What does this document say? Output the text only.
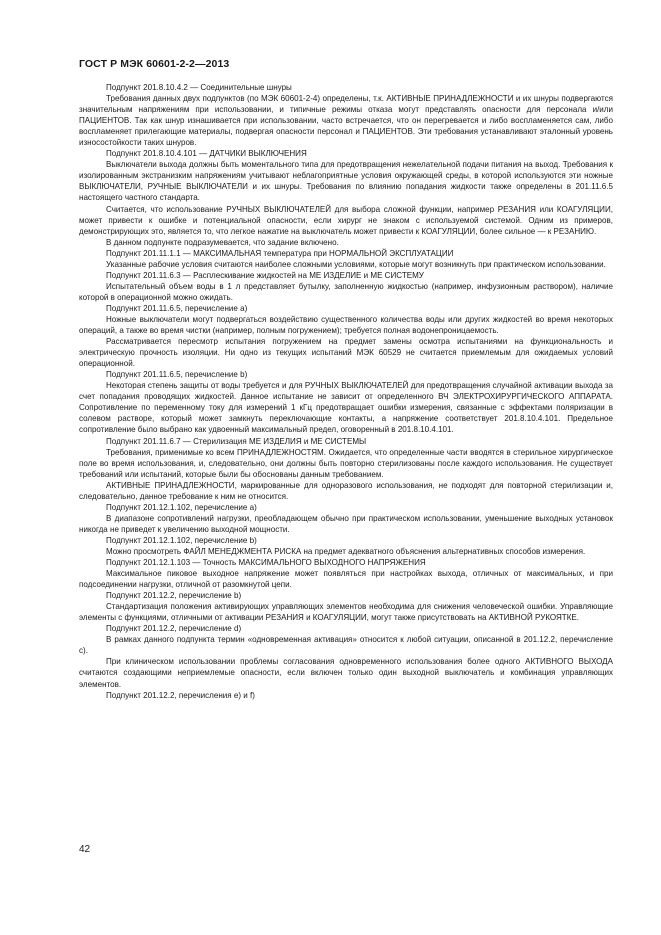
ГОСТ Р МЭК 60601-2-2—2013

Подпункт 201.8.10.4.2 — Соединительные шнуры

Требования данных двух подпунктов (по МЭК 60601-2-4) определены, т.к. АКТИВНЫЕ ПРИНАДЛЕЖНОСТИ и их шнуры подвергаются значительным напряжениям при использовании, и типичные режимы отказа могут представлять опасности для персонала и/или ПАЦИЕНТОВ. Так как шнур изнашивается при использовании, часто встречается, что он перегревается и либо воспламеняется сам, либо воспламеняет прилегающие материалы, подвергая опасности персонал и ПАЦИЕНТОВ. Эти требования устанавливают эталонный уровень износостойкости таких шнуров.

Подпункт 201.8.10.4.101 — ДАТЧИКИ ВЫКЛЮЧЕНИЯ

Выключатели выхода должны быть моментального типа для предотвращения нежелательной подачи питания на выход. Требования к изолированным экстранизким напряжениям учитывают неблагоприятные условия окружающей среды, в которой используются эти ножные ВЫКЛЮЧАТЕЛИ, РУЧНЫЕ ВЫКЛЮЧАТЕЛИ и их шнуры. Требования по влиянию попадания жидкости также определены в 201.11.6.5 настоящего частного стандарта.

Считается, что использование РУЧНЫХ ВЫКЛЮЧАТЕЛЕЙ для выбора сложной функции, например РЕЗАНИЯ или КОАГУЛЯЦИИ, может привести к ошибке и потенциальной опасности, если хирург не знаком с используемой системой. Одним из примеров, демонстрирующих это, является то, что легкое нажатие на выключатель может привести к КОАГУЛЯЦИИ, более сильное — к РЕЗАНИЮ.

В данном подпункте подразумевается, что задание включено.

Подпункт 201.11.1.1 — МАКСИМАЛЬНАЯ температура при НОРМАЛЬНОЙ ЭКСПЛУАТАЦИИ

Указанные рабочие условия считаются наиболее сложными условиями, которые могут возникнуть при практическом использовании.

Подпункт 201.11.6.3 — Расплескивание жидкостей на МЕ ИЗДЕЛИЕ и МЕ СИСТЕМУ

Испытательный объем воды в 1 л представляет бутылку, заполненную жидкостью (например, инфузионным раствором), наличие которой в операционной можно ожидать.

Подпункт 201.11.6.5, перечисление a)

Ножные выключатели могут подвергаться воздействию существенного количества воды или других жидкостей во время некоторых операций, а также во время чистки (например, полным погружением); требуется полная водонепроницаемость.

Рассматривается пересмотр испытания погружением на предмет замены осмотра испытаниями на функциональность и электрическую прочность изоляции. Ни одно из текущих испытаний МЭК 60529 не считается приемлемым для ожидаемых условий операционной.

Подпункт 201.11.6.5, перечисление b)

Некоторая степень защиты от воды требуется и для РУЧНЫХ ВЫКЛЮЧАТЕЛЕЙ для предотвращения случайной активации выхода за счет попадания проводящих жидкостей. Данное испытание не зависит от определенного ВЧ ЭЛЕКТРОХИРУРГИЧЕСКОГО АППАРАТА. Сопротивление по переменному току для измерений 1 кГц предотвращает ошибки измерения, связанные с эффектами поляризации в солевом растворе, который может замкнуть переключающие контакты, а напряжение соответствует 201.8.10.4.101. Предельное сопротивление было выбрано как удвоенный максимальный предел, оговоренный в 201.8.10.4.101.

Подпункт 201.11.6.7 — Стерилизация МЕ ИЗДЕЛИЯ и МЕ СИСТЕМЫ

Требования, применимые ко всем ПРИНАДЛЕЖНОСТЯМ. Ожидается, что определенные части вводятся в стерильное хирургическое поле во время использования, и, следовательно, они должны быть повторно стерилизованы после каждого использования. Не существует требований или испытаний, которые были бы обоснованы данным требованием.

АКТИВНЫЕ ПРИНАДЛЕЖНОСТИ, маркированные для одноразового использования, не подходят для повторной стерилизации и, следовательно, данное требование к ним не относится.

Подпункт 201.12.1.102, перечисление a)

В диапазоне сопротивлений нагрузки, преобладающем обычно при практическом использовании, уменьшение выходных установок никогда не приведет к увеличению выходной мощности.

Подпункт 201.12.1.102, перечисление b)

Можно просмотреть ФАЙЛ МЕНЕДЖМЕНТА РИСКА на предмет адекватного объяснения альтернативных способов измерения.

Подпункт 201.12.1.103 — Точность МАКСИМАЛЬНОГО ВЫХОДНОГО НАПРЯЖЕНИЯ

Максимальное пиковое выходное напряжение может появляться при настройках выхода, отличных от максимальных, и при подсоединении нагрузки, отличной от разомкнутой цепи.

Подпункт 201.12.2, перечисление b)

Стандартизация положения активирующих управляющих элементов необходима для снижения человеческой ошибки. Управляющие элементы с функциями, отличными от активации РЕЗАНИЯ и КОАГУЛЯЦИИ, могут также присутствовать на АКТИВНОЙ РУКОЯТКЕ.

Подпункт 201.12.2, перечисление d)

В рамках данного подпункта термин «одновременная активация» относится к любой ситуации, описанной в 201.12.2, перечисление c).

При клиническом использовании проблемы согласования одновременного использования более одного АКТИВНОГО ВЫХОДА считаются создающими неприемлемые опасности, если включен только один выходной выключатель и комбинация управляющих элементов.

Подпункт 201.12.2, перечисления e) и f)

42
